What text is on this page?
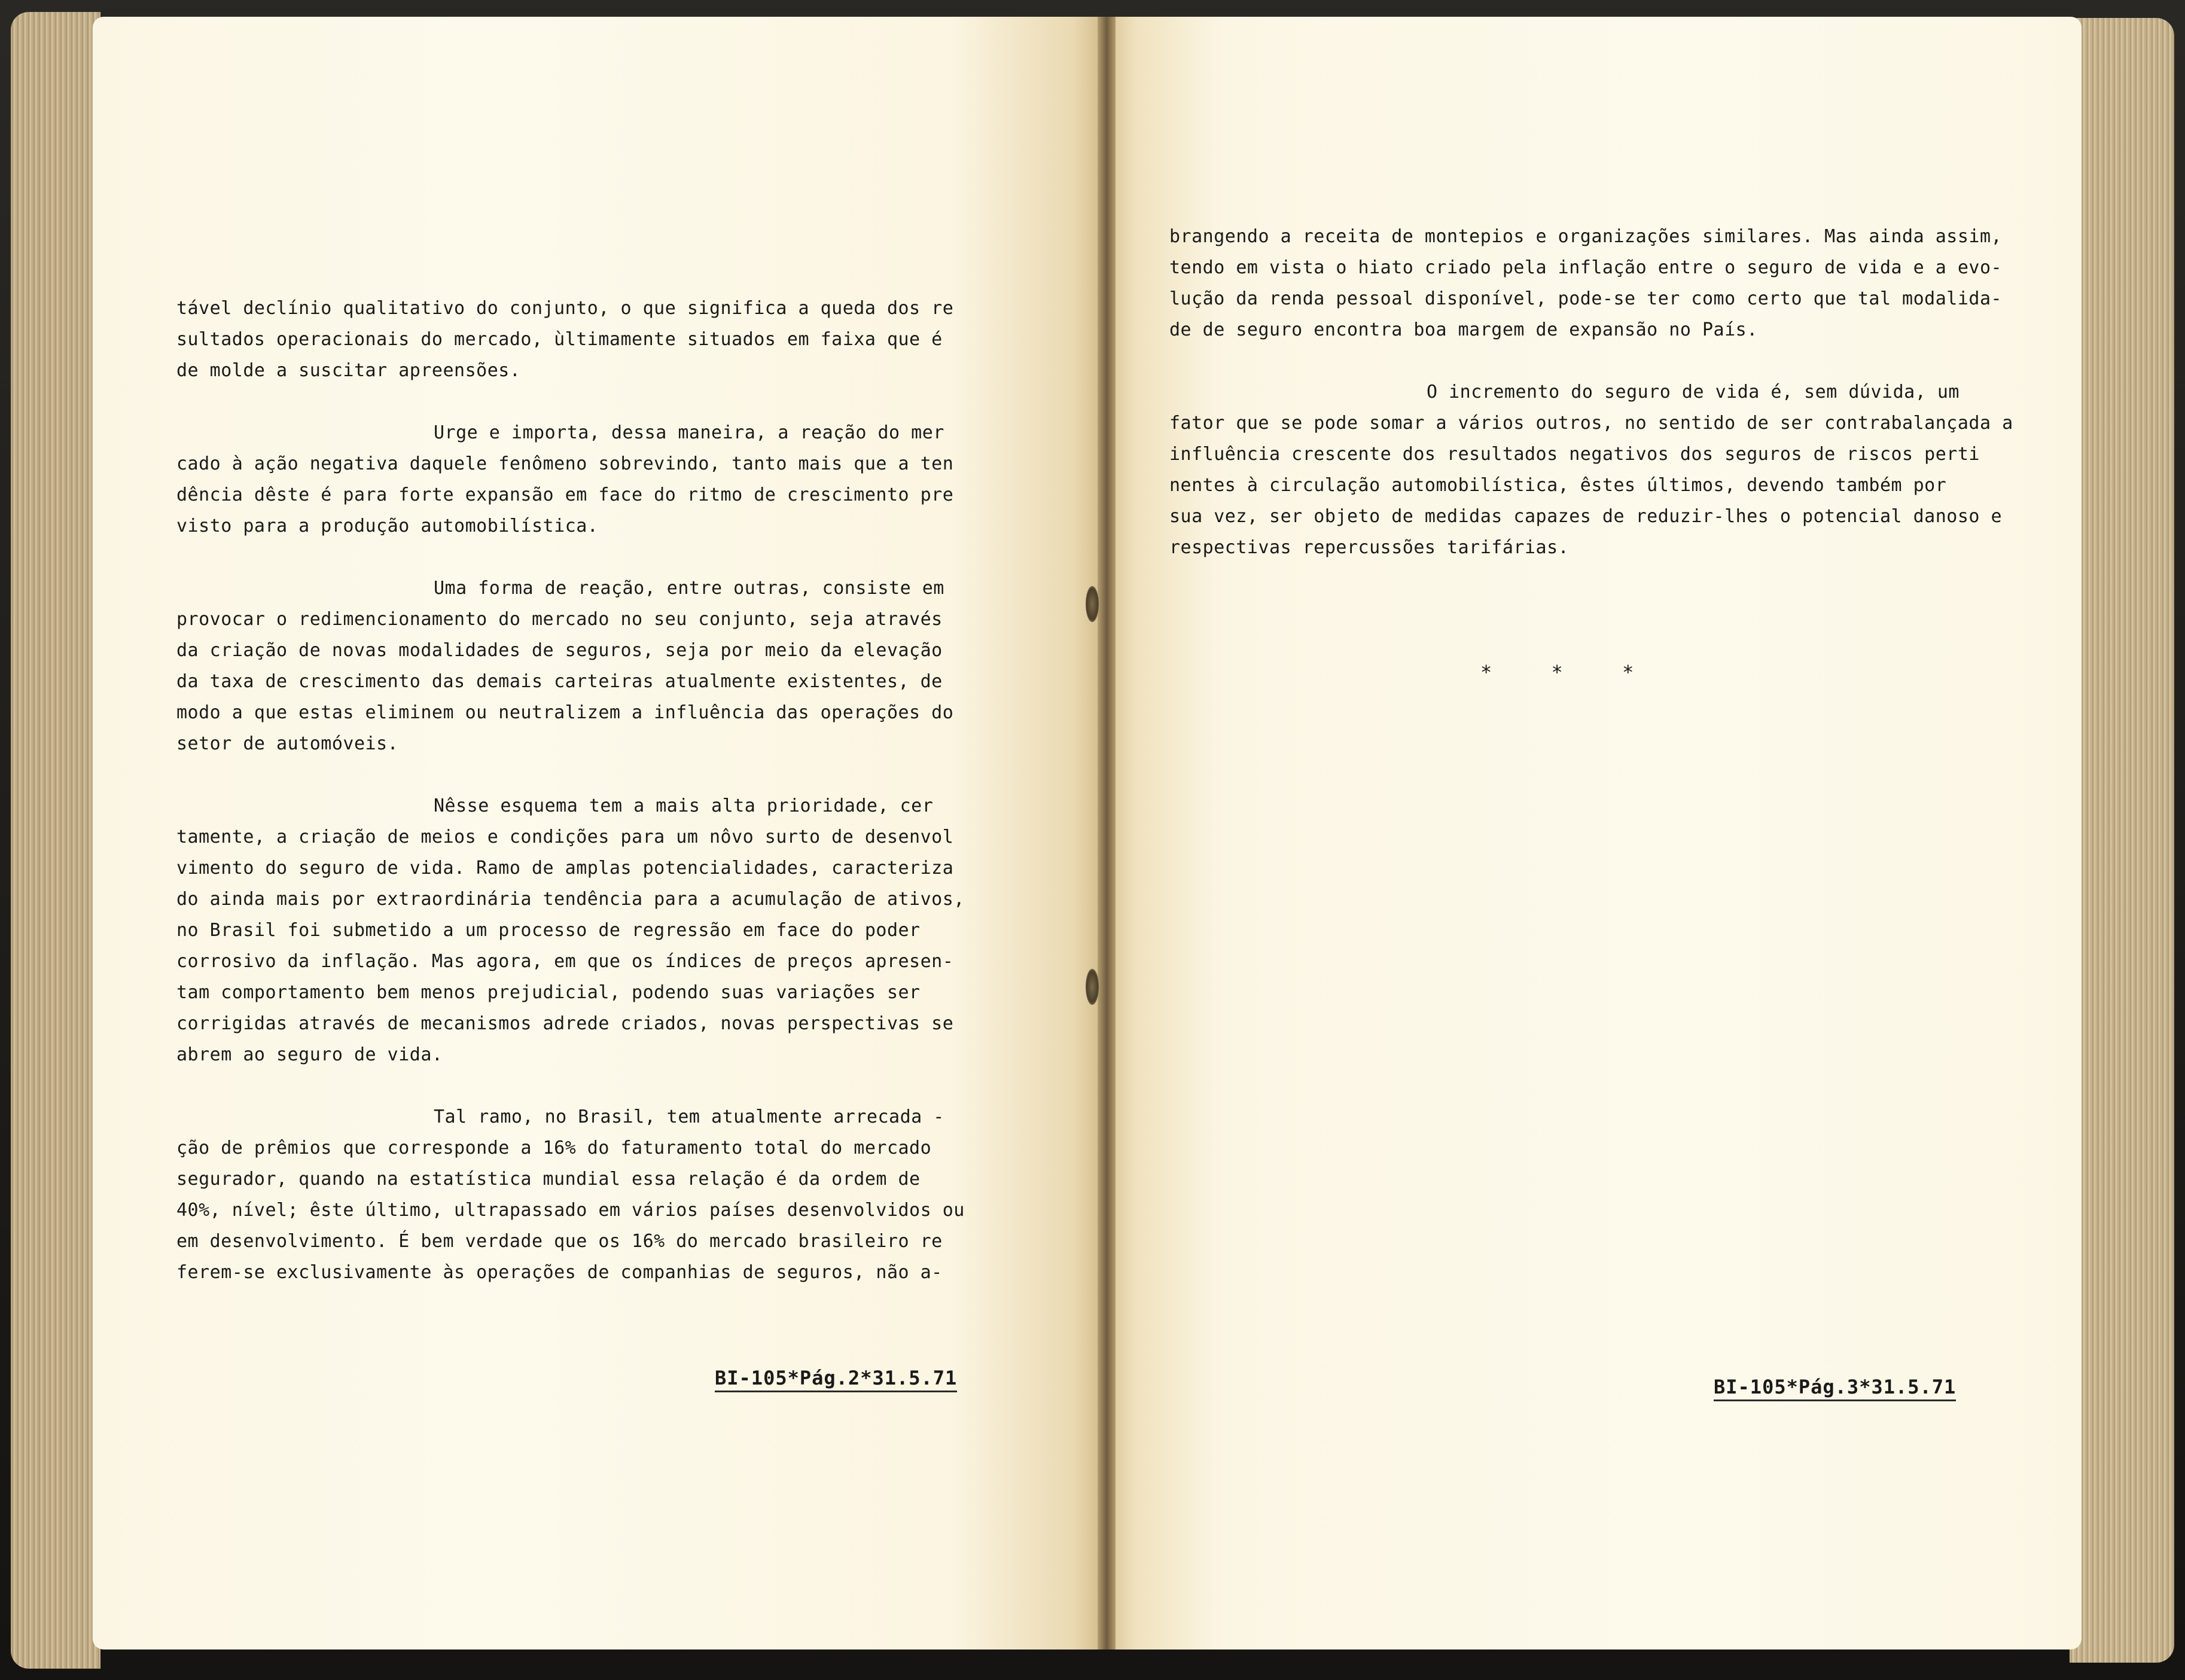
tável declínio qualitativo do conjunto, o que significa a queda dos re
sultados operacionais do mercado, ùltimamente situados em faixa que é
de molde a suscitar apreensões.
Urge e importa, dessa maneira, a reação do mer
cado à ação negativa daquele fenômeno sobrevindo, tanto mais que a ten
dência dêste é para forte expansão em face do ritmo de crescimento pre
visto para a produção automobilística.
Uma forma de reação, entre outras, consiste em
provocar o redimencionamento do mercado no seu conjunto, seja através
da criação de novas modalidades de seguros, seja por meio da elevação
da taxa de crescimento das demais carteiras atualmente existentes, de
modo a que estas eliminem ou neutralizem a influência das operações do
setor de automóveis.
Nêsse esquema tem a mais alta prioridade, cer
tamente, a criação de meios e condições para um nôvo surto de desenvol
vimento do seguro de vida. Ramo de amplas potencialidades, caracteriza
do ainda mais por extraordinária tendência para a acumulação de ativos,
no Brasil foi submetido a um processo de regressão em face do poder
corrosivo da inflação. Mas agora, em que os índices de preços apresen-
tam comportamento bem menos prejudicial, podendo suas variações ser
corrigidas através de mecanismos adrede criados, novas perspectivas se
abrem ao seguro de vida.
Tal ramo, no Brasil, tem atualmente arrecada -
ção de prêmios que corresponde a 16% do faturamento total do mercado
segurador, quando na estatística mundial essa relação é da ordem de
40%, nível; êste último, ultrapassado em vários países desenvolvidos ou
em desenvolvimento. É bem verdade que os 16% do mercado brasileiro re
ferem-se exclusivamente às operações de companhias de seguros, não a-
brangendo a receita de montepios e organizações similares. Mas ainda assim,
tendo em vista o hiato criado pela inflação entre o seguro de vida e a evo-
lução da renda pessoal disponível, pode-se ter como certo que tal modalida-
de de seguro encontra boa margem de expansão no País.
O incremento do seguro de vida é, sem dúvida, um
fator que se pode somar a vários outros, no sentido de ser contrabalançada a
influência crescente dos resultados negativos dos seguros de riscos perti
nentes à circulação automobilística, êstes últimos, devendo também por
sua vez, ser objeto de medidas capazes de reduzir-lhes o potencial danoso e
respectivas repercussões tarifárias.
* * *
BI-105*Pág.2*31.5.71	BI-105*Pág.3*31.5.71
